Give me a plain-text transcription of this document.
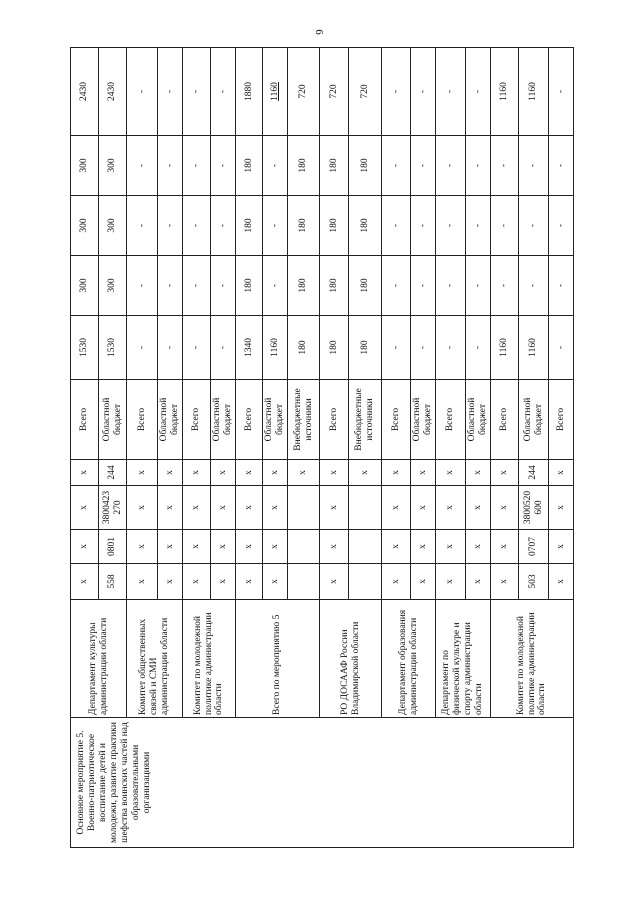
6
Основное мероприятие 5. Военно-патриотическое воспитание детей и молодежи, развитие практики шефства воинских частей над образовательными организациями	Департамент культуры администрации области	х	х	х	х	Всего	1530	300	300	300	2430
		558	0801	3800423 270	244	Областной бюджет	1530	300	300	300	2430
	Комитет общественных связей и СМИ администрации области	х	х	х	х	Всего	-	-	-	-	-
		х	х	х	х	Областной бюджет	-	-	-	-	-
	Комитет по молодежной политике администрации области	х	х	х	х	Всего	-	-	-	-	-
		х	х	х	х	Областной бюджет	-	-	-	-	-
	Всего по мероприятию 5	х	х	х	х	Всего	1340	180	180	180	1880
		х	х	х	х	Областной бюджет	1160	-	-	-	1160
					х	Внебюджетные источники	180	180	180	180	720
	РО ДОСААФ России Владимирской области	х	х	х	х	Всего	180	180	180	180	720
					х	Внебюджетные источники	180	180	180	180	720
	Департамент образования администрации области	х	х	х	х	Всего	-	-	-	-	-
		х	х	х	х	Областной бюджет	-	-	-	-	-
	Департамент по физической культуре и спорту администрации области	х	х	х	х	Всего	-	-	-	-	-
		х	х	х	х	Областной бюджет	-	-	-	-	-
	Комитет по молодежной политике администрации области	х	х	х	х	Всего	1160	-	-	-	1160
		503	0707	3800520 600	244	Областной бюджет	1160	-	-	-	1160
		х	х	х	х	Всего	-	-	-	-	-
